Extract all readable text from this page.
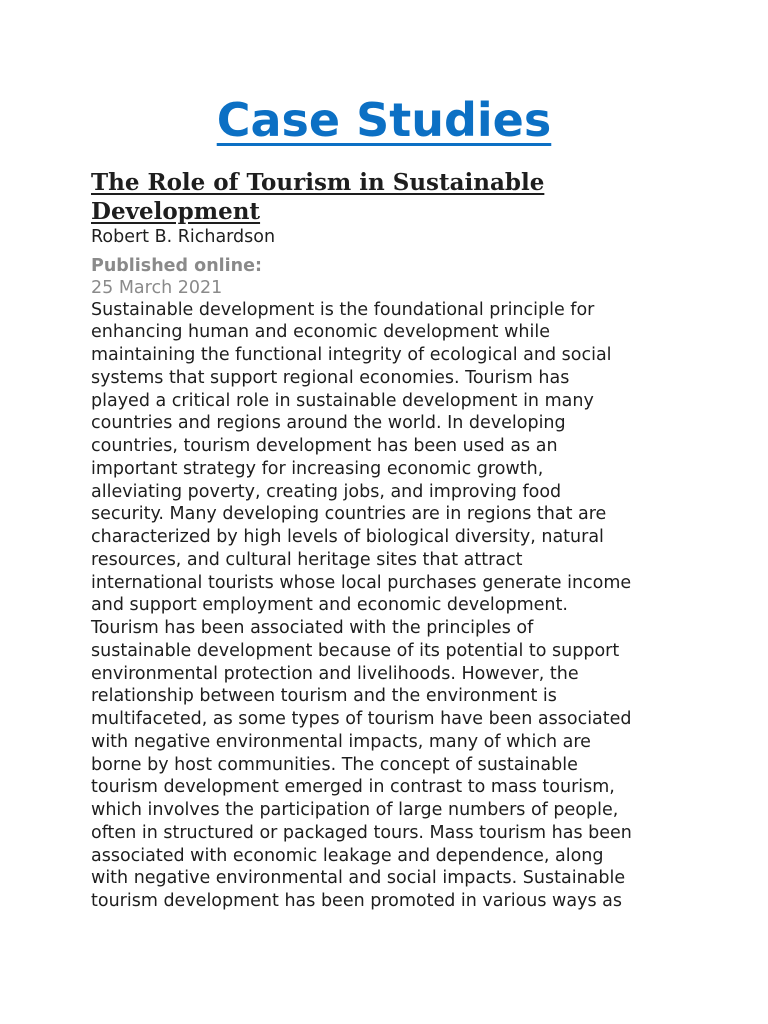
Case Studies
The Role of Tourism in Sustainable Development

Robert B. Richardson

Published online:

25 March 2021

Sustainable development is the foundational principle for
enhancing human and economic development while
maintaining the functional integrity of ecological and social
systems that support regional economies. Tourism has
played a critical role in sustainable development in many
countries and regions around the world. In developing
countries, tourism development has been used as an
important strategy for increasing economic growth,
alleviating poverty, creating jobs, and improving food
security. Many developing countries are in regions that are
characterized by high levels of biological diversity, natural
resources, and cultural heritage sites that attract
international tourists whose local purchases generate income
and support employment and economic development.
Tourism has been associated with the principles of
sustainable development because of its potential to support
environmental protection and livelihoods. However, the
relationship between tourism and the environment is
multifaceted, as some types of tourism have been associated
with negative environmental impacts, many of which are
borne by host communities. The concept of sustainable
tourism development emerged in contrast to mass tourism,
which involves the participation of large numbers of people,
often in structured or packaged tours. Mass tourism has been
associated with economic leakage and dependence, along
with negative environmental and social impacts. Sustainable
tourism development has been promoted in various ways as
